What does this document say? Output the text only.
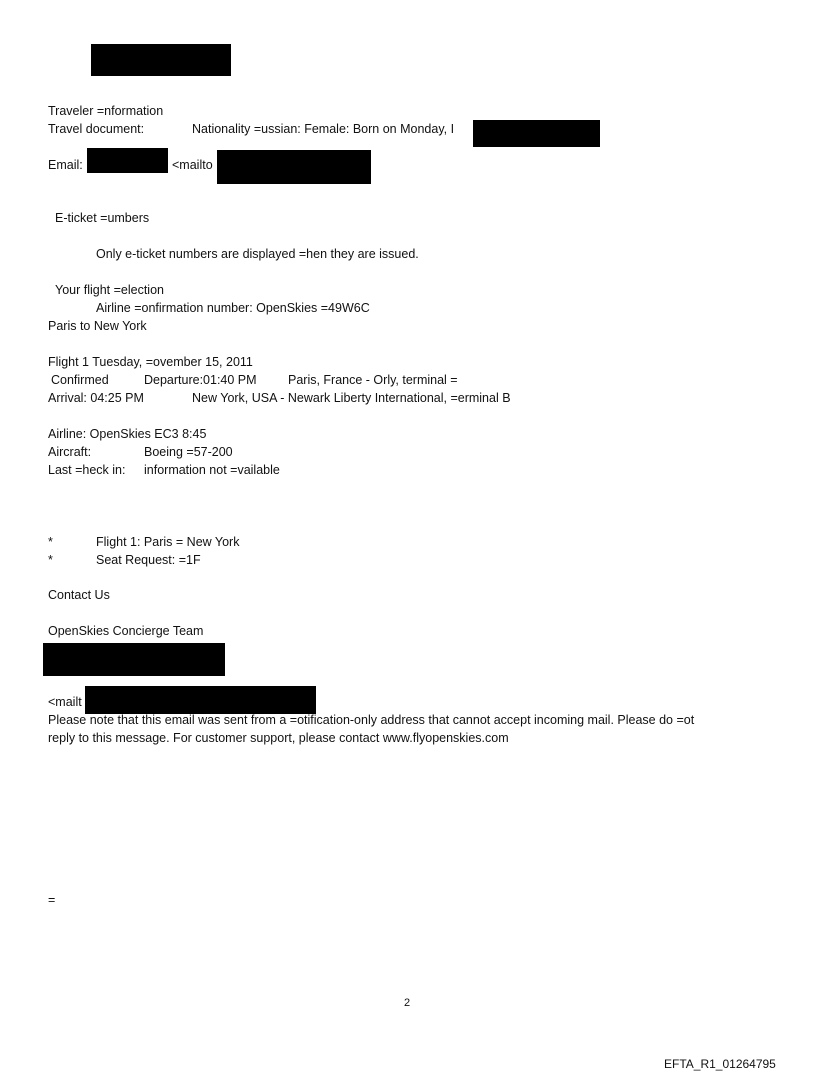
Traveler =nformation
Travel document:	Nationality =ussian: Female: Born on Monday, I
Email:	<mailto
E-ticket =umbers
Only e-ticket numbers are displayed =hen they are issued.
Your flight =election
Airline =onfirmation number: OpenSkies =49W6C
Paris to New York
Flight 1 Tuesday, =ovember 15, 2011
Confirmed	Departure:01:40 PM	Paris, France - Orly, terminal =
Arrival: 04:25 PM	New York, USA - Newark Liberty International, =erminal B
Airline: OpenSkies EC3 8:45
Aircraft:	Boeing =57-200
Last =heck in: information not =vailable
*	Flight 1: Paris = New York
*	Seat Request: =1F
Contact Us
OpenSkies Concierge Team
<mailt
Please note that this email was sent from a =otification-only address that cannot accept incoming mail. Please do =ot
reply to this message. For customer support, please contact www.flyopenskies.com
=
2
EFTA_R1_01264795
